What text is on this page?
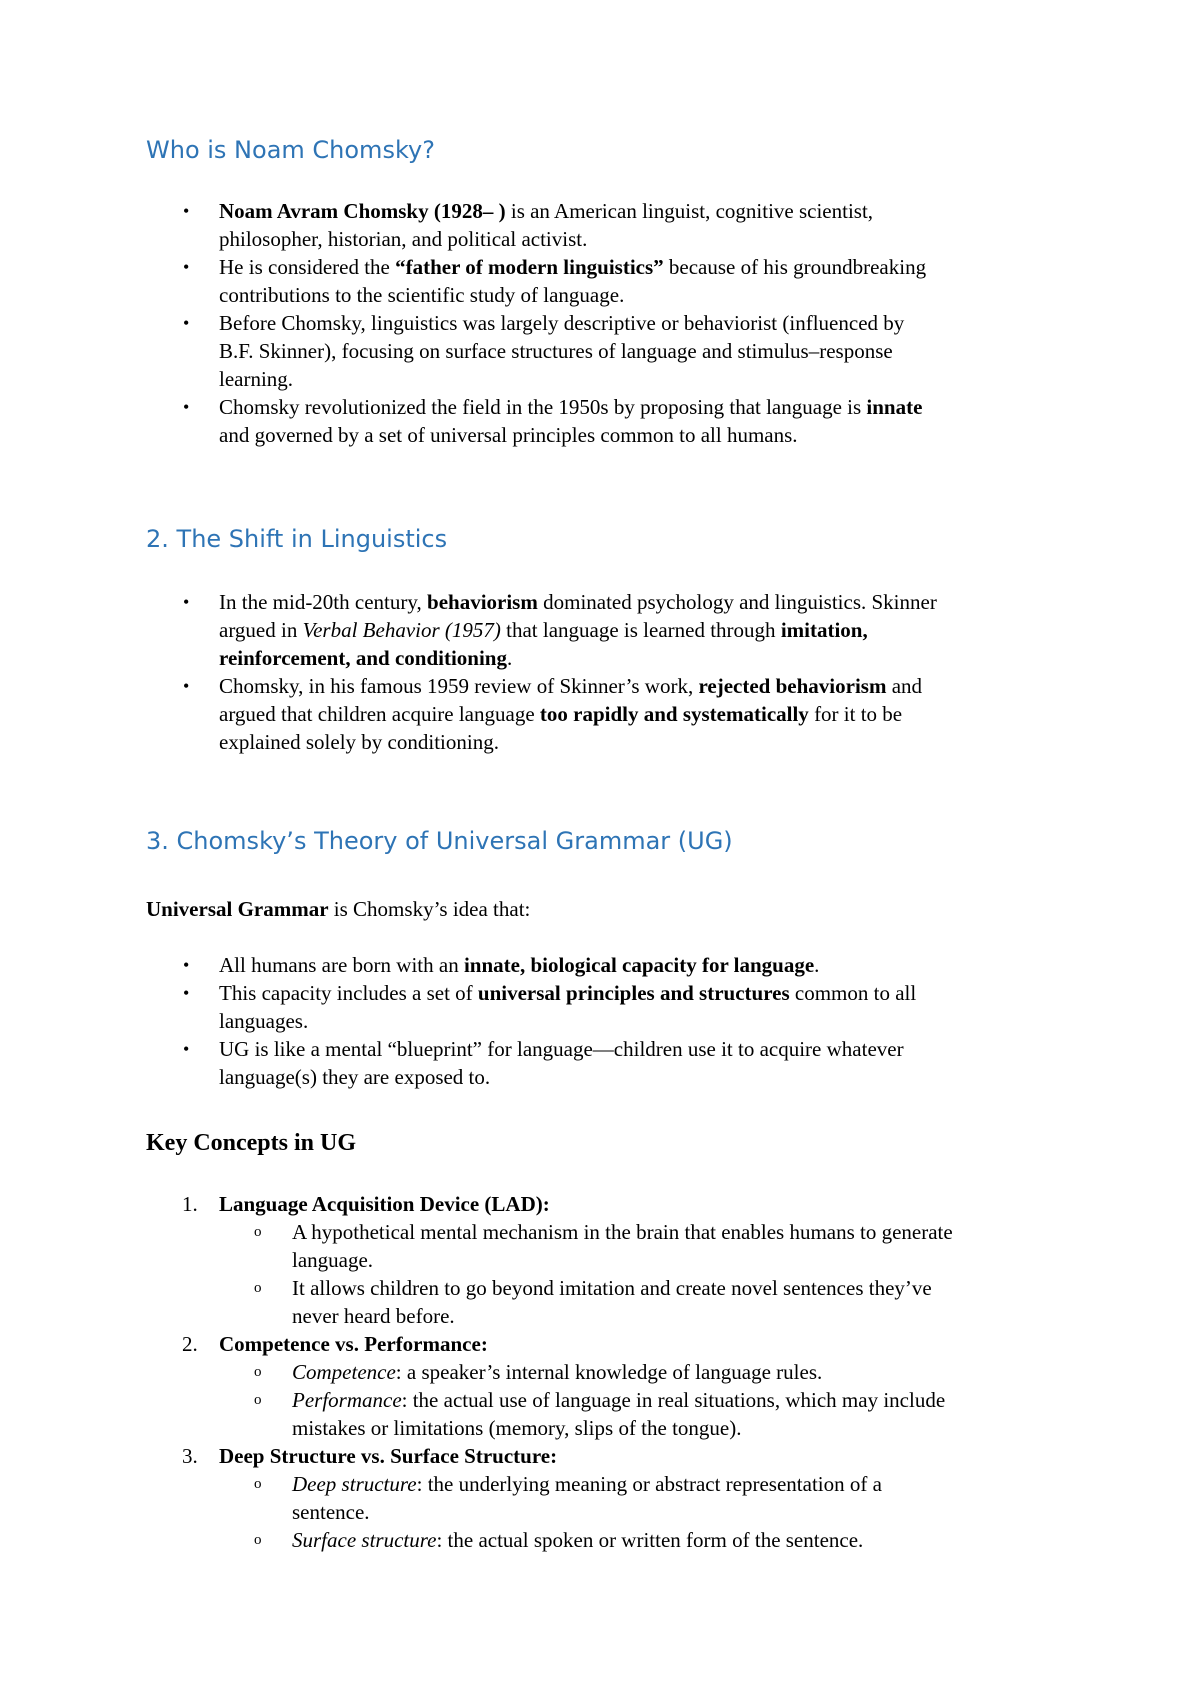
Who is Noam Chomsky?
• Noam Avram Chomsky (1928– ) is an American linguist, cognitive scientist,
philosopher, historian, and political activist.
• He is considered the “father of modern linguistics” because of his groundbreaking
contributions to the scientific study of language.
• Before Chomsky, linguistics was largely descriptive or behaviorist (influenced by
B.F. Skinner), focusing on surface structures of language and stimulus–response
learning.
• Chomsky revolutionized the field in the 1950s by proposing that language is innate
and governed by a set of universal principles common to all humans.
2. The Shift in Linguistics
• In the mid-20th century, behaviorism dominated psychology and linguistics. Skinner
argued in Verbal Behavior (1957) that language is learned through imitation,
reinforcement, and conditioning.
• Chomsky, in his famous 1959 review of Skinner’s work, rejected behaviorism and
argued that children acquire language too rapidly and systematically for it to be
explained solely by conditioning.
3. Chomsky’s Theory of Universal Grammar (UG)

Universal Grammar is Chomsky’s idea that:

• All humans are born with an innate, biological capacity for language.
• This capacity includes a set of universal principles and structures common to all
languages.
• UG is like a mental “blueprint” for language—children use it to acquire whatever
language(s) they are exposed to.
Key Concepts in UG
1. Language Acquisition Device (LAD):
o A hypothetical mental mechanism in the brain that enables humans to generate
language.
o It allows children to go beyond imitation and create novel sentences they’ve
never heard before.
2. Competence vs. Performance:
o Competence: a speaker’s internal knowledge of language rules.
o Performance: the actual use of language in real situations, which may include
mistakes or limitations (memory, slips of the tongue).
3. Deep Structure vs. Surface Structure:
o Deep structure: the underlying meaning or abstract representation of a
sentence.
o Surface structure: the actual spoken or written form of the sentence.
